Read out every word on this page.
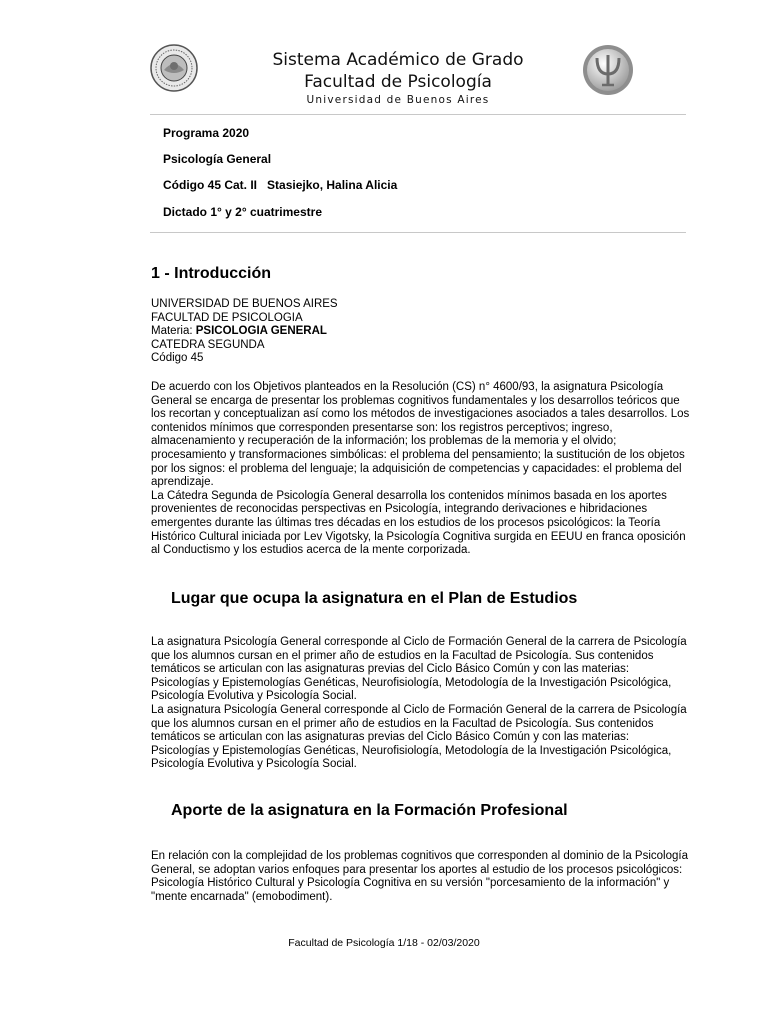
Sistema Académico de Grado
Facultad de Psicología
Universidad de Buenos Aires
Programa 2020
Psicología General
Código 45 Cat. II Stasiejko, Halina Alicia
Dictado 1° y 2° cuatrimestre
1 - Introducción

UNIVERSIDAD DE BUENOS AIRES

FACULTAD DE PSICOLOGIA

Materia: PSICOLOGIA GENERAL

CATEDRA SEGUNDA

Código 45

De acuerdo con los Objetivos planteados en la Resolución (CS) n° 4600/93, la asignatura Psicología General se encarga de presentar los problemas cognitivos fundamentales y los desarrollos teóricos que los recortan y conceptualizan así como los métodos de investigaciones asociados a tales desarrollos. Los contenidos mínimos que corresponden presentarse son: los registros perceptivos; ingreso, almacenamiento y recuperación de la información; los problemas de la memoria y el olvido; procesamiento y transformaciones simbólicas: el problema del pensamiento; la sustitución de los objetos por los signos: el problema del lenguaje; la adquisición de competencias y capacidades: el problema del aprendizaje.

La Cátedra Segunda de Psicología General desarrolla los contenidos mínimos basada en los aportes provenientes de reconocidas perspectivas en Psicología, integrando derivaciones e hibridaciones emergentes durante las últimas tres décadas en los estudios de los procesos psicológicos: la Teoría Histórico Cultural iniciada por Lev Vigotsky, la Psicología Cognitiva surgida en EEUU en franca oposición al Conductismo y los estudios acerca de la mente corporizada.

Lugar que ocupa la asignatura en el Plan de Estudios

La asignatura Psicología General corresponde al Ciclo de Formación General de la carrera de Psicología que los alumnos cursan en el primer año de estudios en la Facultad de Psicología. Sus contenidos temáticos se articulan con las asignaturas previas del Ciclo Básico Común y con las materias: Psicologías y Epistemologías Genéticas, Neurofisiología, Metodología de la Investigación Psicológica, Psicología Evolutiva y Psicología Social.

La asignatura Psicología General corresponde al Ciclo de Formación General de la carrera de Psicología que los alumnos cursan en el primer año de estudios en la Facultad de Psicología. Sus contenidos temáticos se articulan con las asignaturas previas del Ciclo Básico Común y con las materias: Psicologías y Epistemologías Genéticas, Neurofisiología, Metodología de la Investigación Psicológica, Psicología Evolutiva y Psicología Social.

Aporte de la asignatura en la Formación Profesional

En relación con la complejidad de los problemas cognitivos que corresponden al dominio de la Psicología General, se adoptan varios enfoques para presentar los aportes al estudio de los procesos psicológicos: Psicología Histórico Cultural y Psicología Cognitiva en su versión "porcesamiento de la información" y "mente encarnada" (emobodiment).

Facultad de Psicología 1/18 - 02/03/2020
